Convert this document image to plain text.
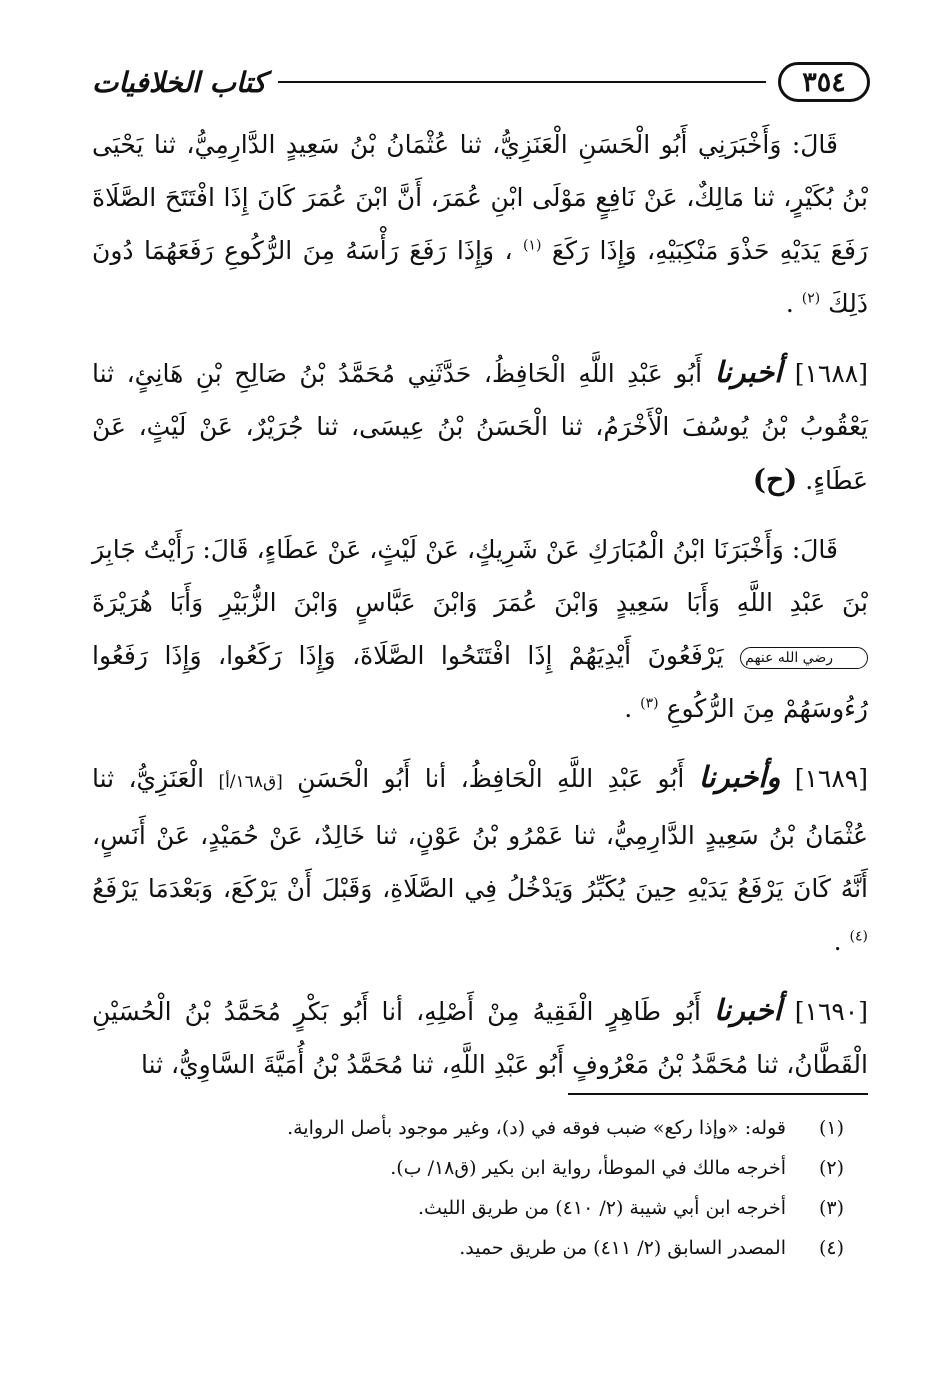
٣٥٤
كتاب الخلافيات

قَالَ: وَأَخْبَرَنِي أَبُو الْحَسَنِ الْعَنَزِيُّ، ثنا عُثْمَانُ بْنُ سَعِيدٍ الدَّارِمِيُّ، ثنا يَحْيَى بْنُ بُكَيْرٍ، ثنا مَالِكٌ، عَنْ نَافِعٍ مَوْلَى ابْنِ عُمَرَ، أَنَّ ابْنَ عُمَرَ كَانَ إِذَا افْتَتَحَ الصَّلَاةَ رَفَعَ يَدَيْهِ حَذْوَ مَنْكِبَيْهِ، وَإِذَا رَكَعَ $^{(١)}$ ، وَإِذَا رَفَعَ رَأْسَهُ مِنَ الرُّكُوعِ رَفَعَهُمَا دُونَ ذَلِكَ $^{(٢)}$ .

[١٦٨٨] أخبرنا أَبُو عَبْدِ اللَّهِ الْحَافِظُ، حَدَّثَنِي مُحَمَّدُ بْنُ صَالِحِ بْنِ هَانِئٍ، ثنا يَعْقُوبُ بْنُ يُوسُفَ الْأَخْرَمُ، ثنا الْحَسَنُ بْنُ عِيسَى، ثنا جُرَيْرٌ، عَنْ لَيْثٍ، عَنْ عَطَاءٍ. (ح)

قَالَ: وَأَخْبَرَنَا ابْنُ الْمُبَارَكِ عَنْ شَرِيكٍ، عَنْ لَيْثٍ، عَنْ عَطَاءٍ، قَالَ: رَأَيْتُ جَابِرَ بْنَ عَبْدِ اللَّهِ وَأَبَا سَعِيدٍ وَابْنَ عُمَرَ وَابْنَ عَبَّاسٍ وَابْنَ الزُّبَيْرِ وَأَبَا هُرَيْرَةَ رضي الله عنهم يَرْفَعُونَ أَيْدِيَهُمْ إِذَا افْتَتَحُوا الصَّلَاةَ، وَإِذَا رَكَعُوا، وَإِذَا رَفَعُوا رُءُوسَهُمْ مِنَ الرُّكُوعِ $^{(٣)}$ .

[١٦٨٩] وأخبرنا أَبُو عَبْدِ اللَّهِ الْحَافِظُ، أنا أَبُو الْحَسَنِ [ق١٦٨/أ] الْعَنَزِيُّ، ثنا عُثْمَانُ بْنُ سَعِيدٍ الدَّارِمِيُّ، ثنا عَمْرُو بْنُ عَوْنٍ، ثنا خَالِدٌ، عَنْ حُمَيْدٍ، عَنْ أَنَسٍ، أَنَّهُ كَانَ يَرْفَعُ يَدَيْهِ حِينَ يُكَبِّرُ وَيَدْخُلُ فِي الصَّلَاةِ، وَقَبْلَ أَنْ يَرْكَعَ، وَبَعْدَمَا يَرْفَعُ $^{(٤)}$ .

[١٦٩٠] أخبرنا أَبُو طَاهِرٍ الْفَقِيهُ مِنْ أَصْلِهِ، أنا أَبُو بَكْرٍ مُحَمَّدُ بْنُ الْحُسَيْنِ الْقَطَّانُ، ثنا مُحَمَّدُ بْنُ مَعْرُوفٍ أَبُو عَبْدِ اللَّهِ، ثنا مُحَمَّدُ بْنُ أُمَيَّةَ السَّاوِيُّ، ثنا

(١)
قوله: «وإذا ركع» ضبب فوقه في (د)، وغير موجود بأصل الرواية.
(٢)
أخرجه مالك في الموطأ، رواية ابن بكير (ق١٨/ ب).
(٣)
أخرجه ابن أبي شيبة (٢/ ٤١٠) من طريق الليث.
(٤)
المصدر السابق (٢/ ٤١١) من طريق حميد.
